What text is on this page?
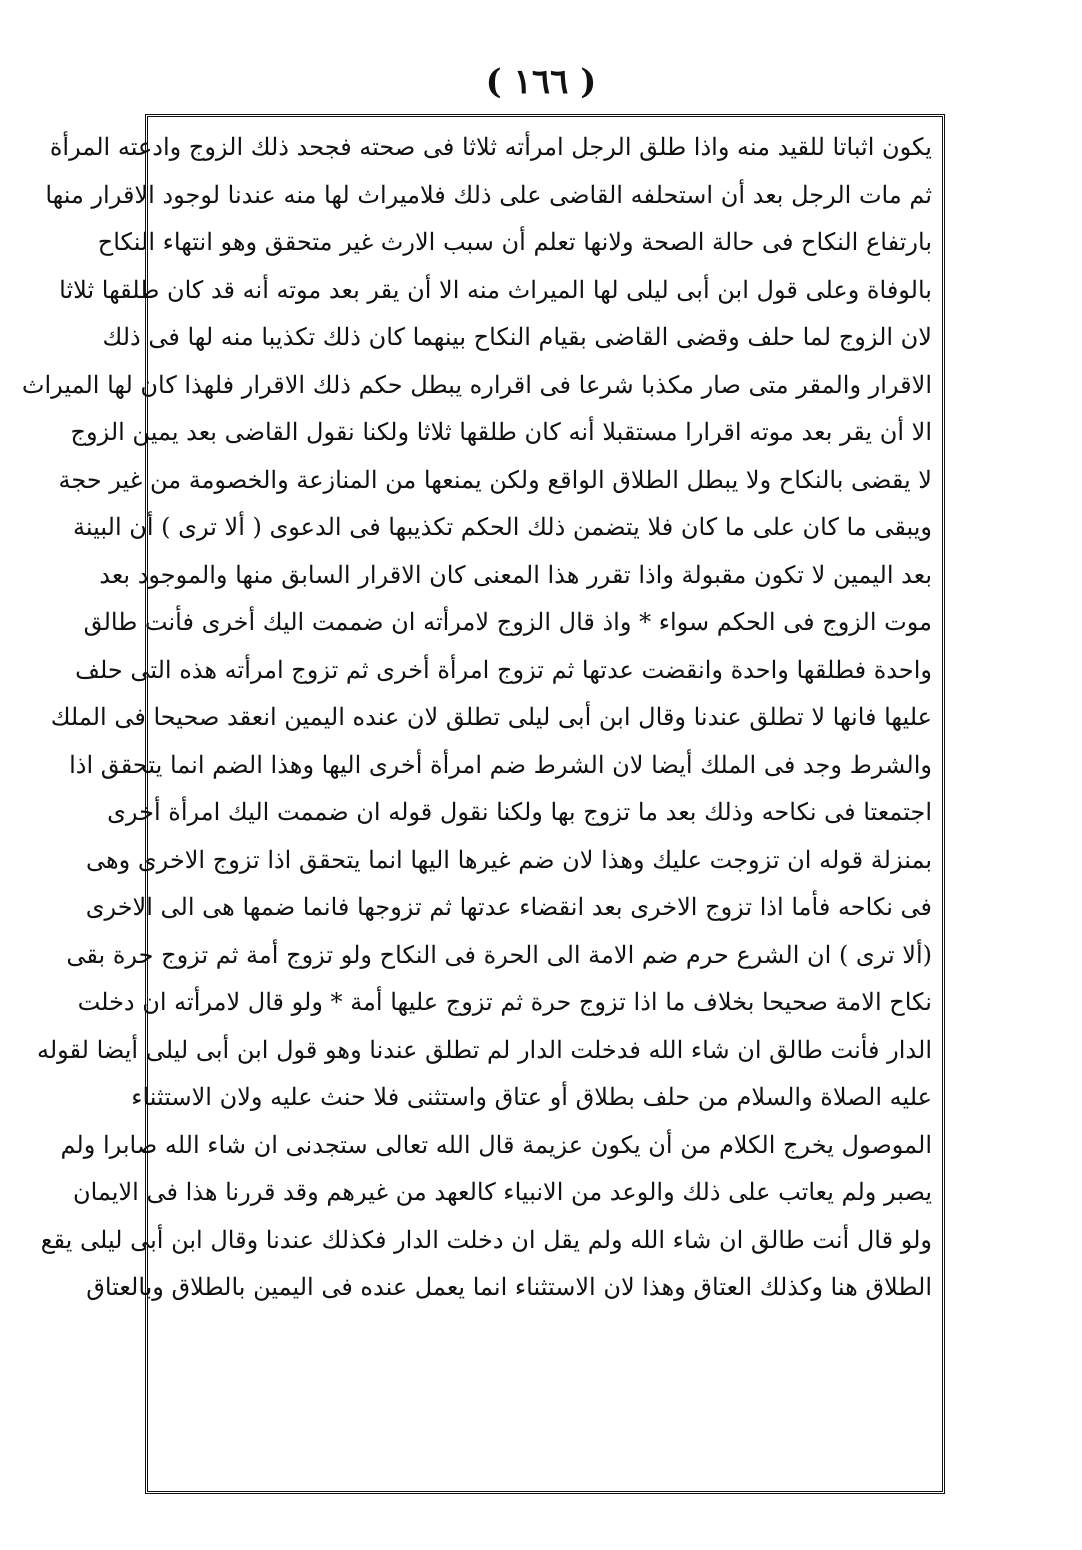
( ١٦٦ )
يكون اثباتا للقيد منه واذا طلق الرجل امرأته ثلاثا فى صحته فجحد ذلك الزوج وادعته المرأة
ثم مات الرجل بعد أن استحلفه القاضى على ذلك فلاميراث لها منه عندنا لوجود الاقرار منها
بارتفاع النكاح فى حالة الصحة ولانها تعلم أن سبب الارث غير متحقق وهو انتهاء النكاح
بالوفاة وعلى قول ابن أبى ليلى لها الميراث منه الا أن يقر بعد موته أنه قد كان طلقها ثلاثا
لان الزوج لما حلف وقضى القاضى بقيام النكاح بينهما كان ذلك تكذيبا منه لها فى ذلك
الاقرار والمقر متى صار مكذبا شرعا فى اقراره يبطل حكم ذلك الاقرار فلهذا كان لها الميراث
الا أن يقر بعد موته اقرارا مستقبلا أنه كان طلقها ثلاثا ولكنا نقول القاضى بعد يمين الزوج
لا يقضى بالنكاح ولا يبطل الطلاق الواقع ولكن يمنعها من المنازعة والخصومة من غير حجة
ويبقى ما كان على ما كان فلا يتضمن ذلك الحكم تكذيبها فى الدعوى ( ألا ترى ) أن البينة
بعد اليمين لا تكون مقبولة واذا تقرر هذا المعنى كان الاقرار السابق منها والموجود بعد
موت الزوج فى الحكم سواء * واذ قال الزوج لامرأته ان ضممت اليك أخرى فأنت طالق
واحدة فطلقها واحدة وانقضت عدتها ثم تزوج امرأة أخرى ثم تزوج امرأته هذه التى حلف
عليها فانها لا تطلق عندنا وقال ابن أبى ليلى تطلق لان عنده اليمين انعقد صحيحا فى الملك
والشرط وجد فى الملك أيضا لان الشرط ضم امرأة أخرى اليها وهذا الضم انما يتحقق اذا
اجتمعتا فى نكاحه وذلك بعد ما تزوج بها ولكنا نقول قوله ان ضممت اليك امرأة أخرى
بمنزلة قوله ان تزوجت عليك وهذا لان ضم غيرها اليها انما يتحقق اذا تزوج الاخرى وهى
فى نكاحه فأما اذا تزوج الاخرى بعد انقضاء عدتها ثم تزوجها فانما ضمها هى الى الاخرى
(ألا ترى ) ان الشرع حرم ضم الامة الى الحرة فى النكاح ولو تزوج أمة ثم تزوج حرة بقى
نكاح الامة صحيحا بخلاف ما اذا تزوج حرة ثم تزوج عليها أمة * ولو قال لامرأته ان دخلت
الدار فأنت طالق ان شاء الله فدخلت الدار لم تطلق عندنا وهو قول ابن أبى ليلى أيضا لقوله
عليه الصلاة والسلام من حلف بطلاق أو عتاق واستثنى فلا حنث عليه ولان الاستثناء
الموصول يخرج الكلام من أن يكون عزيمة قال الله تعالى ستجدنى ان شاء الله صابرا ولم
يصبر ولم يعاتب على ذلك والوعد من الانبياء كالعهد من غيرهم وقد قررنا هذا فى الايمان
ولو قال أنت طالق ان شاء الله ولم يقل ان دخلت الدار فكذلك عندنا وقال ابن أبى ليلى يقع
الطلاق هنا وكذلك العتاق وهذا لان الاستثناء انما يعمل عنده فى اليمين بالطلاق وبالعتاق
